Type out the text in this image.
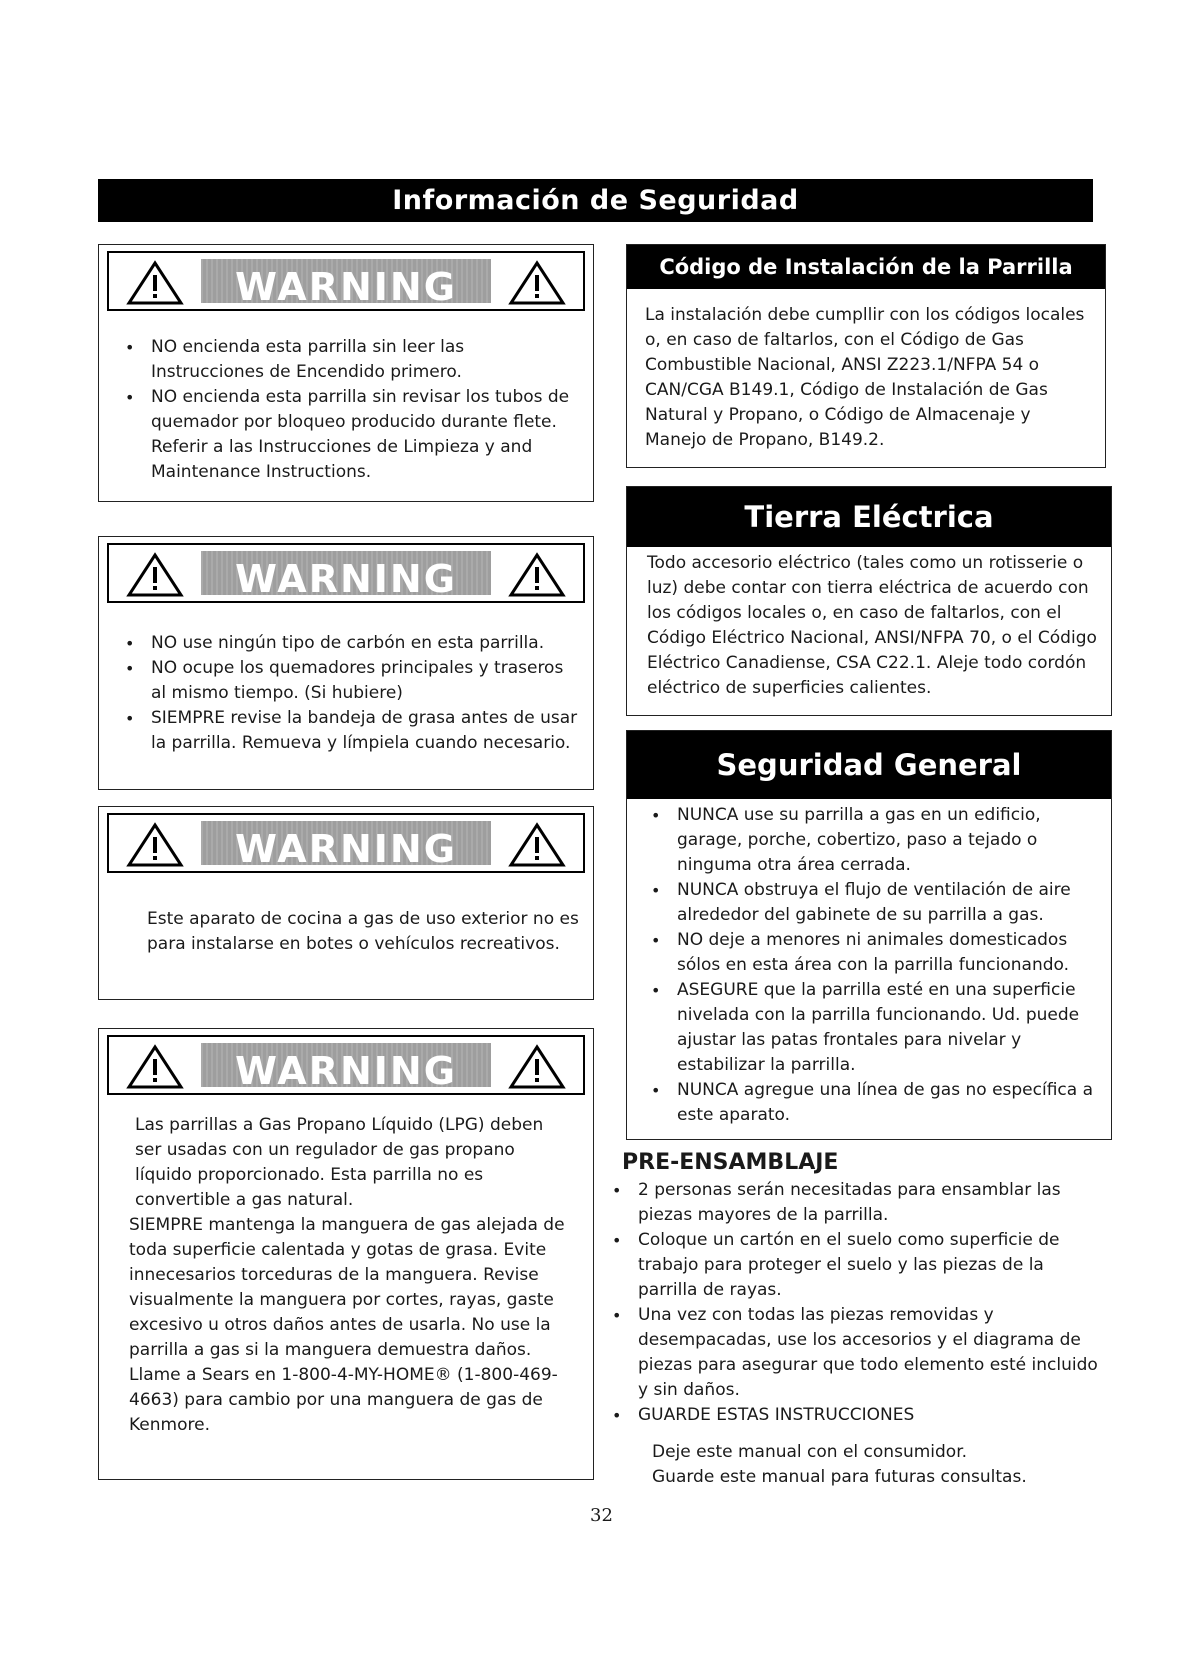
Información de Seguridad
WARNING
• NO encienda esta parrilla sin leer las Instrucciones de Encendido primero.
• NO encienda esta parrilla sin revisar los tubos de quemador por bloqueo producido durante flete. Referir a las Instrucciones de Limpieza y and Maintenance Instructions.
WARNING
• NO use ningún tipo de carbón en esta parrilla.
• NO ocupe los quemadores principales y traseros al mismo tiempo. (Si hubiere)
• SIEMPRE revise la bandeja de grasa antes de usar la parrilla. Remueva y límpiela cuando necesario.
WARNING
Este aparato de cocina a gas de uso exterior no es para instalarse en botes o vehículos recreativos.
WARNING
Las parrillas a Gas Propano Líquido (LPG) deben ser usadas con un regulador de gas propano líquido proporcionado. Esta parrilla no es convertible a gas natural.
SIEMPRE mantenga la manguera de gas alejada de toda superficie calentada y gotas de grasa. Evite innecesarios torceduras de la manguera. Revise visualmente la manguera por cortes, rayas, gaste excesivo u otros daños antes de usarla. No use la parrilla a gas si la manguera demuestra daños. Llame a Sears en 1-800-4-MY-HOME® (1-800-469-4663) para cambio por una manguera de gas de Kenmore.
Código de Instalación de la Parrilla
La instalación debe cumpllir con los códigos locales o, en caso de faltarlos, con el Código de Gas Combustible Nacional, ANSI Z223.1/NFPA 54 o CAN/CGA B149.1, Código de Instalación de Gas Natural y Propano, o Código de Almacenaje y Manejo de Propano, B149.2.
Tierra Eléctrica
Todo accesorio eléctrico (tales como un rotisserie o luz) debe contar con tierra eléctrica de acuerdo con los códigos locales o, en caso de faltarlos, con el Código Eléctrico Nacional, ANSI/NFPA 70, o el Código Eléctrico Canadiense, CSA C22.1. Aleje todo cordón eléctrico de superficies calientes.
Seguridad General
• NUNCA use su parrilla a gas en un edificio, garage, porche, cobertizo, paso a tejado o ninguma otra área cerrada.
• NUNCA obstruya el flujo de ventilación de aire alrededor del gabinete de su parrilla a gas.
• NO deje a menores ni animales domesticados sólos en esta área con la parrilla funcionando.
• ASEGURE que la parrilla esté en una superficie nivelada con la parrilla funcionando. Ud. puede ajustar las patas frontales para nivelar y estabilizar la parrilla.
• NUNCA agregue una línea de gas no específica a este aparato.
PRE-ENSAMBLAJE
• 2 personas serán necesitadas para ensamblar las piezas mayores de la parrilla.
• Coloque un cartón en el suelo como superficie de trabajo para proteger el suelo y las piezas de la parrilla de rayas.
• Una vez con todas las piezas removidas y desempacadas, use los accesorios y el diagrama de piezas para asegurar que todo elemento esté incluido y sin daños.
• GUARDE ESTAS INSTRUCCIONES
Deje este manual con el consumidor.
Guarde este manual para futuras consultas.
32
